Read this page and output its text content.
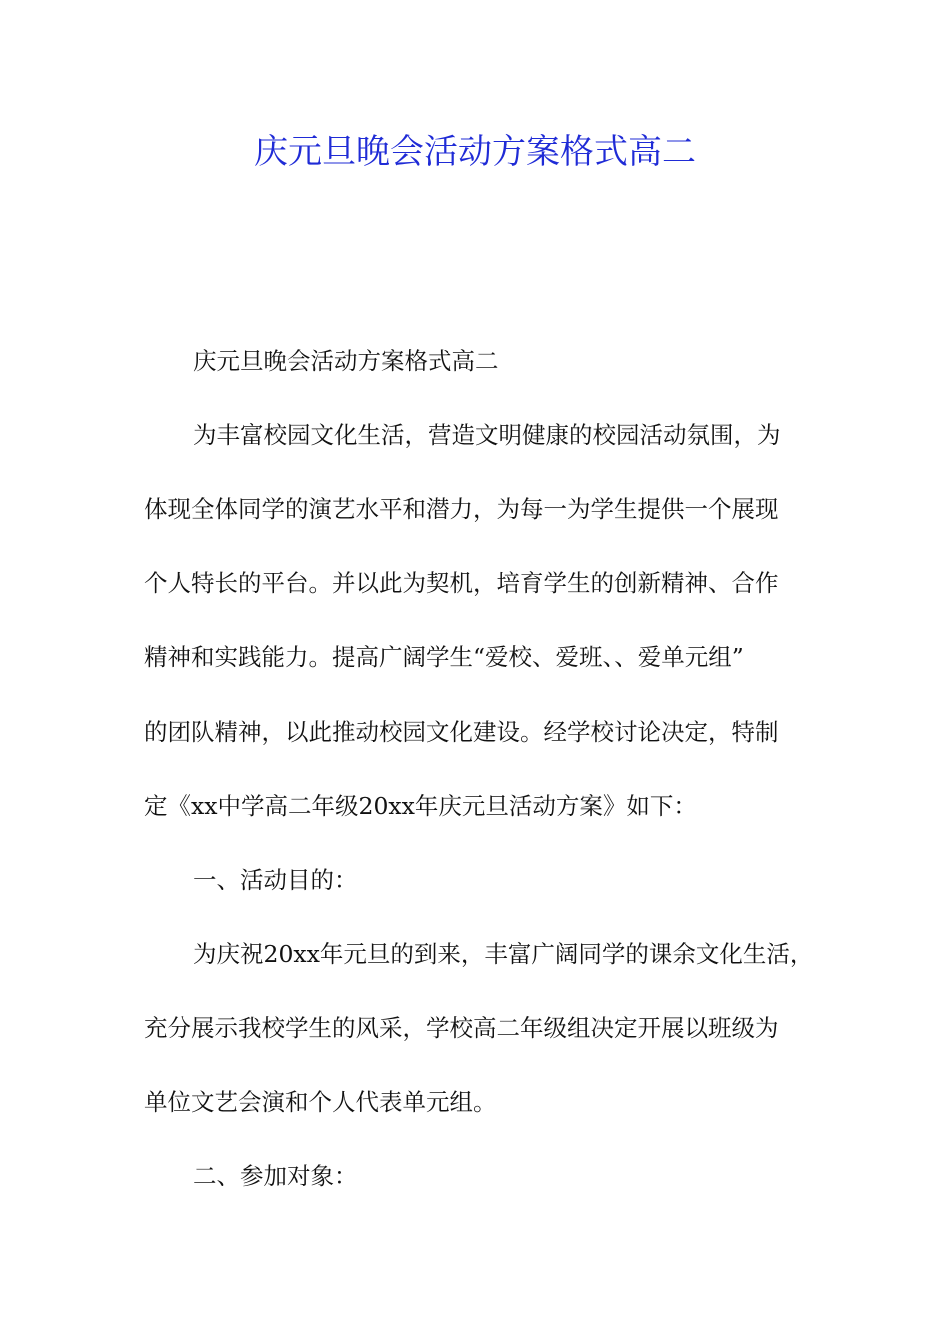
庆元旦晚会活动方案格式高二
庆元旦晚会活动方案格式高二
为丰富校园文化生活，营造文明健康的校园活动氛围，为
体现全体同学的演艺水平和潜力，为每一为学生提供一个展现
个人特长的平台。并以此为契机，培育学生的创新精神、合作
精神和实践能力。提高广阔学生“爱校、爱班、、爱单元组”
的团队精神，以此推动校园文化建设。经学校讨论决定，特制
定《xx中学高二年级20xx年庆元旦活动方案》如下：
一、活动目的：
为庆祝20xx年元旦的到来，丰富广阔同学的课余文化生活，
充分展示我校学生的风采，学校高二年级组决定开展以班级为
单位文艺会演和个人代表单元组。
二、参加对象：
